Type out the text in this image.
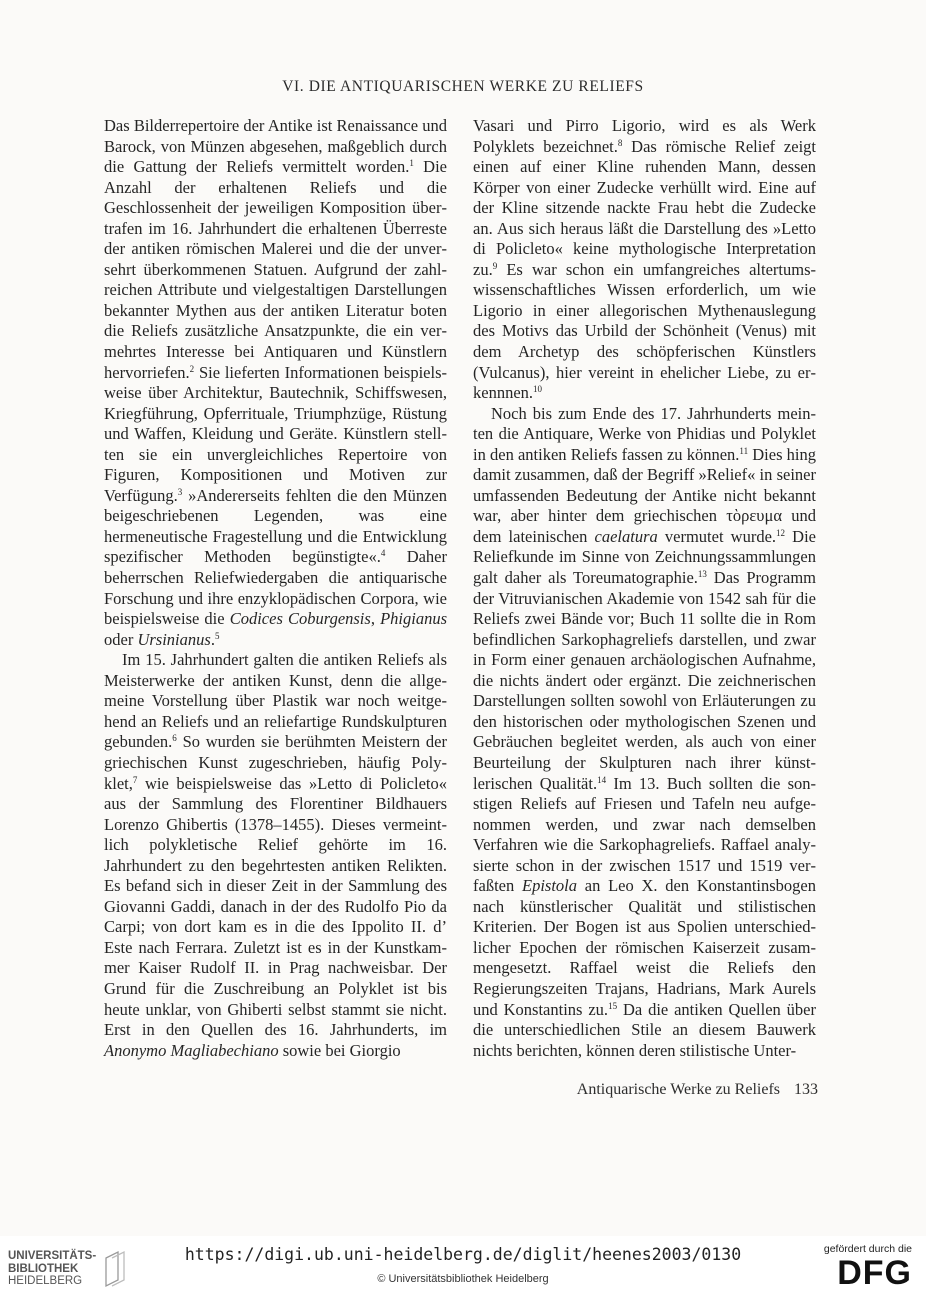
VI. DIE ANTIQUARISCHEN WERKE ZU RELIEFS

Das Bilderrepertoire der Antike ist Renaissance und Barock, von Münzen abgesehen, maßgeblich durch die Gattung der Reliefs vermittelt worden.$^1$ Die Anzahl der erhaltenen Reliefs und die Geschlossenheit der jeweiligen Komposition übertrafen im 16. Jahrhundert die erhaltenen Überreste der antiken römischen Malerei und die der unversehrt überkommenen Statuen. Aufgrund der zahlreichen Attribute und vielgestaltigen Darstellungen bekannter Mythen aus der antiken Literatur boten die Reliefs zusätzliche Ansatzpunkte, die ein vermehrtes Interesse bei Antiquaren und Künstlern hervorriefen.$^2$ Sie lieferten Informationen beispielsweise über Architektur, Bautechnik, Schiffswesen, Kriegführung, Opferrituale, Triumphzüge, Rüstung und Waffen, Kleidung und Geräte. Künstlern stellten sie ein unvergleichliches Repertoire von Figuren, Kompositionen und Motiven zur Verfügung.$^3$ »Andererseits fehlten die den Münzen beigeschriebenen Legenden, was eine hermeneutische Fragestellung und die Entwicklung spezifischer Methoden begünstigte«.$^4$ Daher beherrschen Reliefwiedergaben die antiquarische Forschung und ihre enzyklopädischen Corpora, wie beispielsweise die Codices Coburgensis, Phigianus oder Ursinianus.$^5$

Im 15. Jahrhundert galten die antiken Reliefs als Meisterwerke der antiken Kunst, denn die allgemeine Vorstellung über Plastik war noch weitgehend an Reliefs und an reliefartige Rundskulpturen gebunden.$^6$ So wurden sie berühmten Meistern der griechischen Kunst zugeschrieben, häufig Polyklet,$^7$ wie beispielsweise das »Letto di Policleto« aus der Sammlung des Florentiner Bildhauers Lorenzo Ghibertis (1378–1455). Dieses vermeintlich polykletische Relief gehörte im 16. Jahrhundert zu den begehrtesten antiken Relikten. Es befand sich in dieser Zeit in der Sammlung des Giovanni Gaddi, danach in der des Rudolfo Pio da Carpi; von dort kam es in die des Ippolito II. d’ Este nach Ferrara. Zuletzt ist es in der Kunstkammer Kaiser Rudolf II. in Prag nachweisbar. Der Grund für die Zuschreibung an Polyklet ist bis heute unklar, von Ghiberti selbst stammt sie nicht. Erst in den Quellen des 16. Jahrhunderts, im Anonymo Magliabechiano sowie bei Giorgio

Vasari und Pirro Ligorio, wird es als Werk Polyklets bezeichnet.$^8$ Das römische Relief zeigt einen auf einer Kline ruhenden Mann, dessen Körper von einer Zudecke verhüllt wird. Eine auf der Kline sitzende nackte Frau hebt die Zudecke an. Aus sich heraus läßt die Darstellung des »Letto di Policleto« keine mythologische Interpretation zu.$^9$ Es war schon ein umfangreiches altertumswissenschaftliches Wissen erforderlich, um wie Ligorio in einer allegorischen Mythenauslegung des Motivs das Urbild der Schönheit (Venus) mit dem Archetyp des schöpferischen Künstlers (Vulcanus), hier vereint in ehelicher Liebe, zu erkennnen.$^{10}$

Noch bis zum Ende des 17. Jahrhunderts meinten die Antiquare, Werke von Phidias und Polyklet in den antiken Reliefs fassen zu können.$^{11}$ Dies hing damit zusammen, daß der Begriff »Relief« in seiner umfassenden Bedeutung der Antike nicht bekannt war, aber hinter dem griechischen τὸρευμα und dem lateinischen caelatura vermutet wurde.$^{12}$ Die Reliefkunde im Sinne von Zeichnungssammlungen galt daher als Toreumatographie.$^{13}$ Das Programm der Vitruvianischen Akademie von 1542 sah für die Reliefs zwei Bände vor; Buch 11 sollte die in Rom befindlichen Sarkophagreliefs darstellen, und zwar in Form einer genauen archäologischen Aufnahme, die nichts ändert oder ergänzt. Die zeichnerischen Darstellungen sollten sowohl von Erläuterungen zu den historischen oder mythologischen Szenen und Gebräuchen begleitet werden, als auch von einer Beurteilung der Skulpturen nach ihrer künstlerischen Qualität.$^{14}$ Im 13. Buch sollten die sonstigen Reliefs auf Friesen und Tafeln neu aufgenommen werden, und zwar nach demselben Verfahren wie die Sarkophagreliefs. Raffael analysierte schon in der zwischen 1517 und 1519 verfaßten Epistola an Leo X. den Konstantinsbogen nach künstlerischer Qualität und stilistischen Kriterien. Der Bogen ist aus Spolien unterschiedlicher Epochen der römischen Kaiserzeit zusammengesetzt. Raffael weist die Reliefs den Regierungszeiten Trajans, Hadrians, Mark Aurels und Konstantins zu.$^{15}$ Da die antiken Quellen über die unterschiedlichen Stile an diesem Bauwerk nichts berichten, können deren stilistische Unter-

Antiquarische Werke zu Reliefs 133
UNIVERSITÄTS-
BIBLIOTHEK
HEIDELBERG
https://digi.ub.uni-heidelberg.de/diglit/heenes2003/0130
© Universitätsbibliothek Heidelberg
gefördert durch die
DFG
